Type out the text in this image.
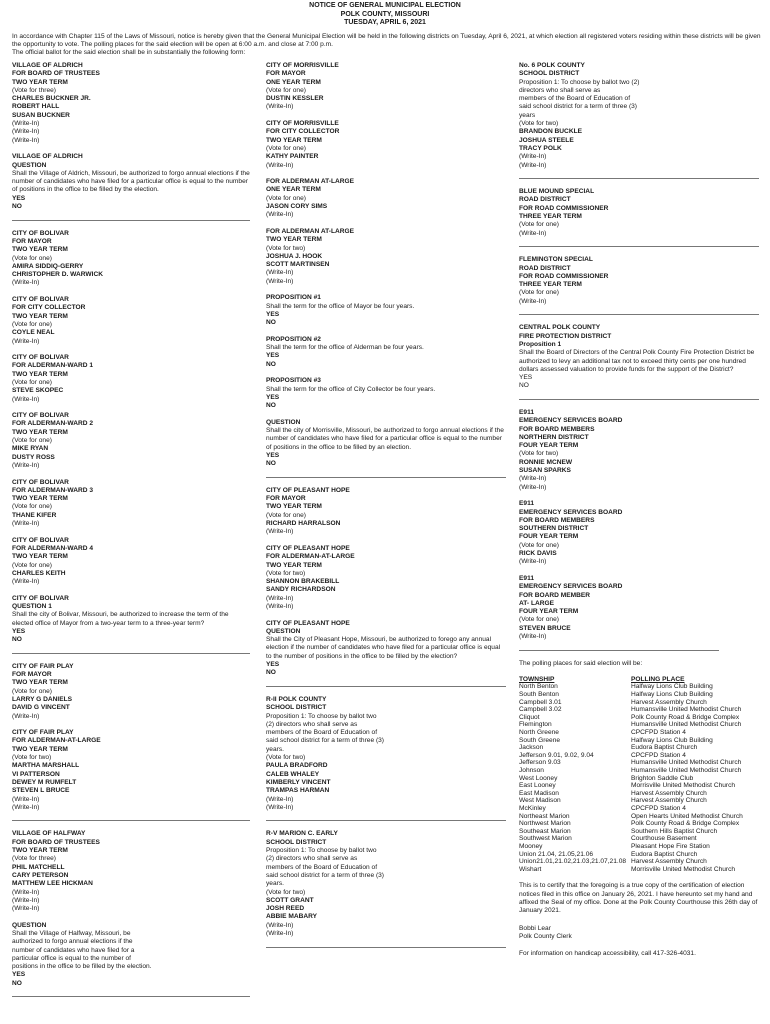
NOTICE OF GENERAL MUNICIPAL ELECTION
POLK COUNTY, MISSOURI
TUESDAY, APRIL 6, 2021
In accordance with Chapter 115 of the Laws of Missouri, notice is hereby given that the General Municipal Election will be held in the following districts on Tuesday, April 6, 2021, at which election all registered voters residing within these districts will be given the opportunity to vote. The polling places for the said election will be open at 6:00 a.m. and close at 7:00 p.m.
The official ballot for the said election shall be in substantially the following form:
VILLAGE OF ALDRICH
FOR BOARD OF TRUSTEES
TWO YEAR TERM
(Vote for three)
CHARLES BUCKNER JR.
ROBERT HALL
SUSAN BUCKNER
(Write-In)
(Write-In)
(Write-In)
VILLAGE OF ALDRICH
QUESTION
Shall the Village of Aldrich, Missouri, be authorized to forgo annual elections if the number of candidates who have filed for a particular office is equal to the number of positions in the office to be filled by the election.
YES
NO
CITY OF BOLIVAR
FOR MAYOR
TWO YEAR TERM
(Vote for one)
AMIRA SIDDIQ-GERRY
CHRISTOPHER D. WARWICK
(Write-In)
CITY OF BOLIVAR
FOR CITY COLLECTOR
TWO YEAR TERM
(Vote for one)
COYLE NEAL
(Write-In)
CITY OF BOLIVAR
FOR ALDERMAN-WARD 1
TWO YEAR TERM
(Vote for one)
STEVE SKOPEC
(Write-In)
CITY OF BOLIVAR
FOR ALDERMAN-WARD 2
TWO YEAR TERM
(Vote for one)
MIKE RYAN
DUSTY ROSS
(Write-In)
CITY OF BOLIVAR
FOR ALDERMAN-WARD 3
TWO YEAR TERM
(Vote for one)
THANE KIFER
(Write-In)
CITY OF BOLIVAR
FOR ALDERMAN-WARD 4
TWO YEAR TERM
(Vote for one)
CHARLES KEITH
(Write-In)
CITY OF BOLIVAR
QUESTION 1
Shall the city of Bolivar, Missouri, be authorized to increase the term of the elected office of Mayor from a two-year term to a three-year term?
YES
NO
CITY OF FAIR PLAY
FOR MAYOR
TWO YEAR TERM
(Vote for one)
LARRY G DANIELS
DAVID G VINCENT
(Write-In)
CITY OF FAIR PLAY
FOR ALDERMAN-AT-LARGE
TWO YEAR TERM
(Vote for two)
MARTHA MARSHALL
VI PATTERSON
DEWEY M RUMFELT
STEVEN L BRUCE
(Write-In)
(Write-In)
VILLAGE OF HALFWAY
FOR BOARD OF TRUSTEES
TWO YEAR TERM
(Vote for three)
PHIL MATCHELL
CARY PETERSON
MATTHEW LEE HICKMAN
(Write-In)
(Write-In)
(Write-In)
QUESTION
Shall the Village of Halfway, Missouri, be authorized to forgo annual elections if the number of candidates who have filed for a particular office is equal to the number of positions in the office to be filled by the election.
YES
NO
CITY OF MORRISVILLE
FOR MAYOR
ONE YEAR TERM
(Vote for one)
DUSTIN KESSLER
(Write-In)
CITY OF MORRISVILLE
FOR CITY COLLECTOR
TWO YEAR TERM
(Vote for one)
KATHY PAINTER
(Write-In)
FOR ALDERMAN AT-LARGE
ONE YEAR TERM
(Vote for one)
JASON CORY SIMS
(Write-In)
FOR ALDERMAN AT-LARGE
TWO YEAR TERM
(Vote for two)
JOSHUA J. HOOK
SCOTT MARTINSEN
(Write-In)
(Write-In)
PROPOSITION #1
Shall the term for the office of Mayor be four years.
YES
NO
PROPOSITION #2
Shall the term for the office of Alderman be four years.
YES
NO
PROPOSITION #3
Shall the term for the office of City Collector be four years.
YES
NO
QUESTION
Shall the city of Morrisville, Missouri, be authorized to forgo annual elections if the number of candidates who have filed for a particular office is equal to the number of positions in the office to be filled by an election.
YES
NO
CITY OF PLEASANT HOPE
FOR MAYOR
TWO YEAR TERM
(Vote for one)
RICHARD HARRALSON
(Write-In)
CITY OF PLEASANT HOPE
FOR ALDERMAN-AT-LARGE
TWO YEAR TERM
(Vote for two)
SHANNON BRAKEBILL
SANDY RICHARDSON
(Write-In)
(Write-In)
CITY OF PLEASANT HOPE
QUESTION
Shall the City of Pleasant Hope, Missouri, be authorized to forego any annual election if the number of candidates who have filed for a particular office is equal to the number of positions in the office to be filled by the election?
YES
NO
R-II POLK COUNTY
SCHOOL DISTRICT
Proposition 1: To choose by ballot two
(2) directors who shall serve as
members of the Board of Education of
said school district for a term of three (3)
years.
(Vote for two)
PAULA BRADFORD
CALEB WHALEY
KIMBERLY VINCENT
TRAMPAS HARMAN
(Write-In)
(Write-In)
R-V MARION C. EARLY
SCHOOL DISTRICT
Proposition 1: To choose by ballot two
(2) directors who shall serve as
members of the Board of Education of
said school district for a term of three (3)
years.
(Vote for two)
SCOTT GRANT
JOSH REED
ABBIE MABARY
(Write-In)
(Write-In)
No. 6 POLK COUNTY
SCHOOL DISTRICT
Proposition 1: To choose by ballot two (2)
directors who shall serve as
members of the Board of Education of
said school district for a term of three (3)
years
(Vote for two)
BRANDON BUCKLE
JOSHUA STEELE
TRACY POLK
(Write-In)
(Write-In)
BLUE MOUND SPECIAL
ROAD DISTRICT
FOR ROAD COMMISSIONER
THREE YEAR TERM
(Vote for one)
(Write-In)
FLEMINGTON SPECIAL
ROAD DISTRICT
FOR ROAD COMMISSIONER
THREE YEAR TERM
(Vote for one)
(Write-In)
CENTRAL POLK COUNTY
FIRE PROTECTION DISTRICT
Proposition 1
Shall the Board of Directors of the Central Polk County Fire Protection District be authorized to levy an additional tax not to exceed thirty cents per one hundred dollars assessed valuation to provide funds for the support of the District?
YES
NO
E911
EMERGENCY SERVICES BOARD
FOR BOARD MEMBERS
NORTHERN DISTRICT
FOUR YEAR TERM
(Vote for two)
RONNIE MCNEW
SUSAN SPARKS
(Write-In)
(Write-In)
E911
EMERGENCY SERVICES BOARD
FOR BOARD MEMBERS
SOUTHERN DISTRICT
FOUR YEAR TERM
(Vote for one)
RICK DAVIS
(Write-In)
E911
EMERGENCY SERVICES BOARD
FOR BOARD MEMBER
AT- LARGE
FOUR YEAR TERM
(Vote for one)
STEVEN BRUCE
(Write-In)
The polling places for said election will be:
TOWNSHIP	POLLING PLACE
North Benton	Halfway Lions Club Building
South Benton	Halfway Lions Club Building
Campbell 3.01	Harvest Assembly Church
Campbell 3.02	Humansville United Methodist Church
Cliquot	Polk County Road & Bridge Complex
Flemington	Humansville United Methodist Church
North Greene	CPCFPD Station 4
South Greene	Halfway Lions Club Building
Jackson	Eudora Baptist Church
Jefferson 9.01, 9.02, 9.04	CPCFPD Station 4
Jefferson 9.03	Humansville United Methodist Church
Johnson	Humansville United Methodist Church
West Looney	Brighton Saddle Club
East Looney	Morrisville United Methodist Church
East Madison	Harvest Assembly Church
West Madison	Harvest Assembly Church
McKinley	CPCFPD Station 4
Northeast Marion	Open Hearts United Methodist Church
Northwest Marion	Polk County Road & Bridge Complex
Southeast Marion	Southern Hills Baptist Church
Southwest Marion	Courthouse Basement
Mooney	Pleasant Hope Fire Station
Union 21.04, 21.05,21.06	Eudora Baptist Church
Union21.01,21.02,21.03,21.07,21.08	Harvest Assembly Church
Wishart	Morrisville United Methodist Church
This is to certify that the foregoing is a true copy of the certification of election notices filed in this office on January 26, 2021. I have hereunto set my hand and affixed the Seal of my office. Done at the Polk County Courthouse this 26th day of January 2021.
Bobbi Lear
Polk County Clerk
For information on handicap accessibility, call 417-326-4031.
